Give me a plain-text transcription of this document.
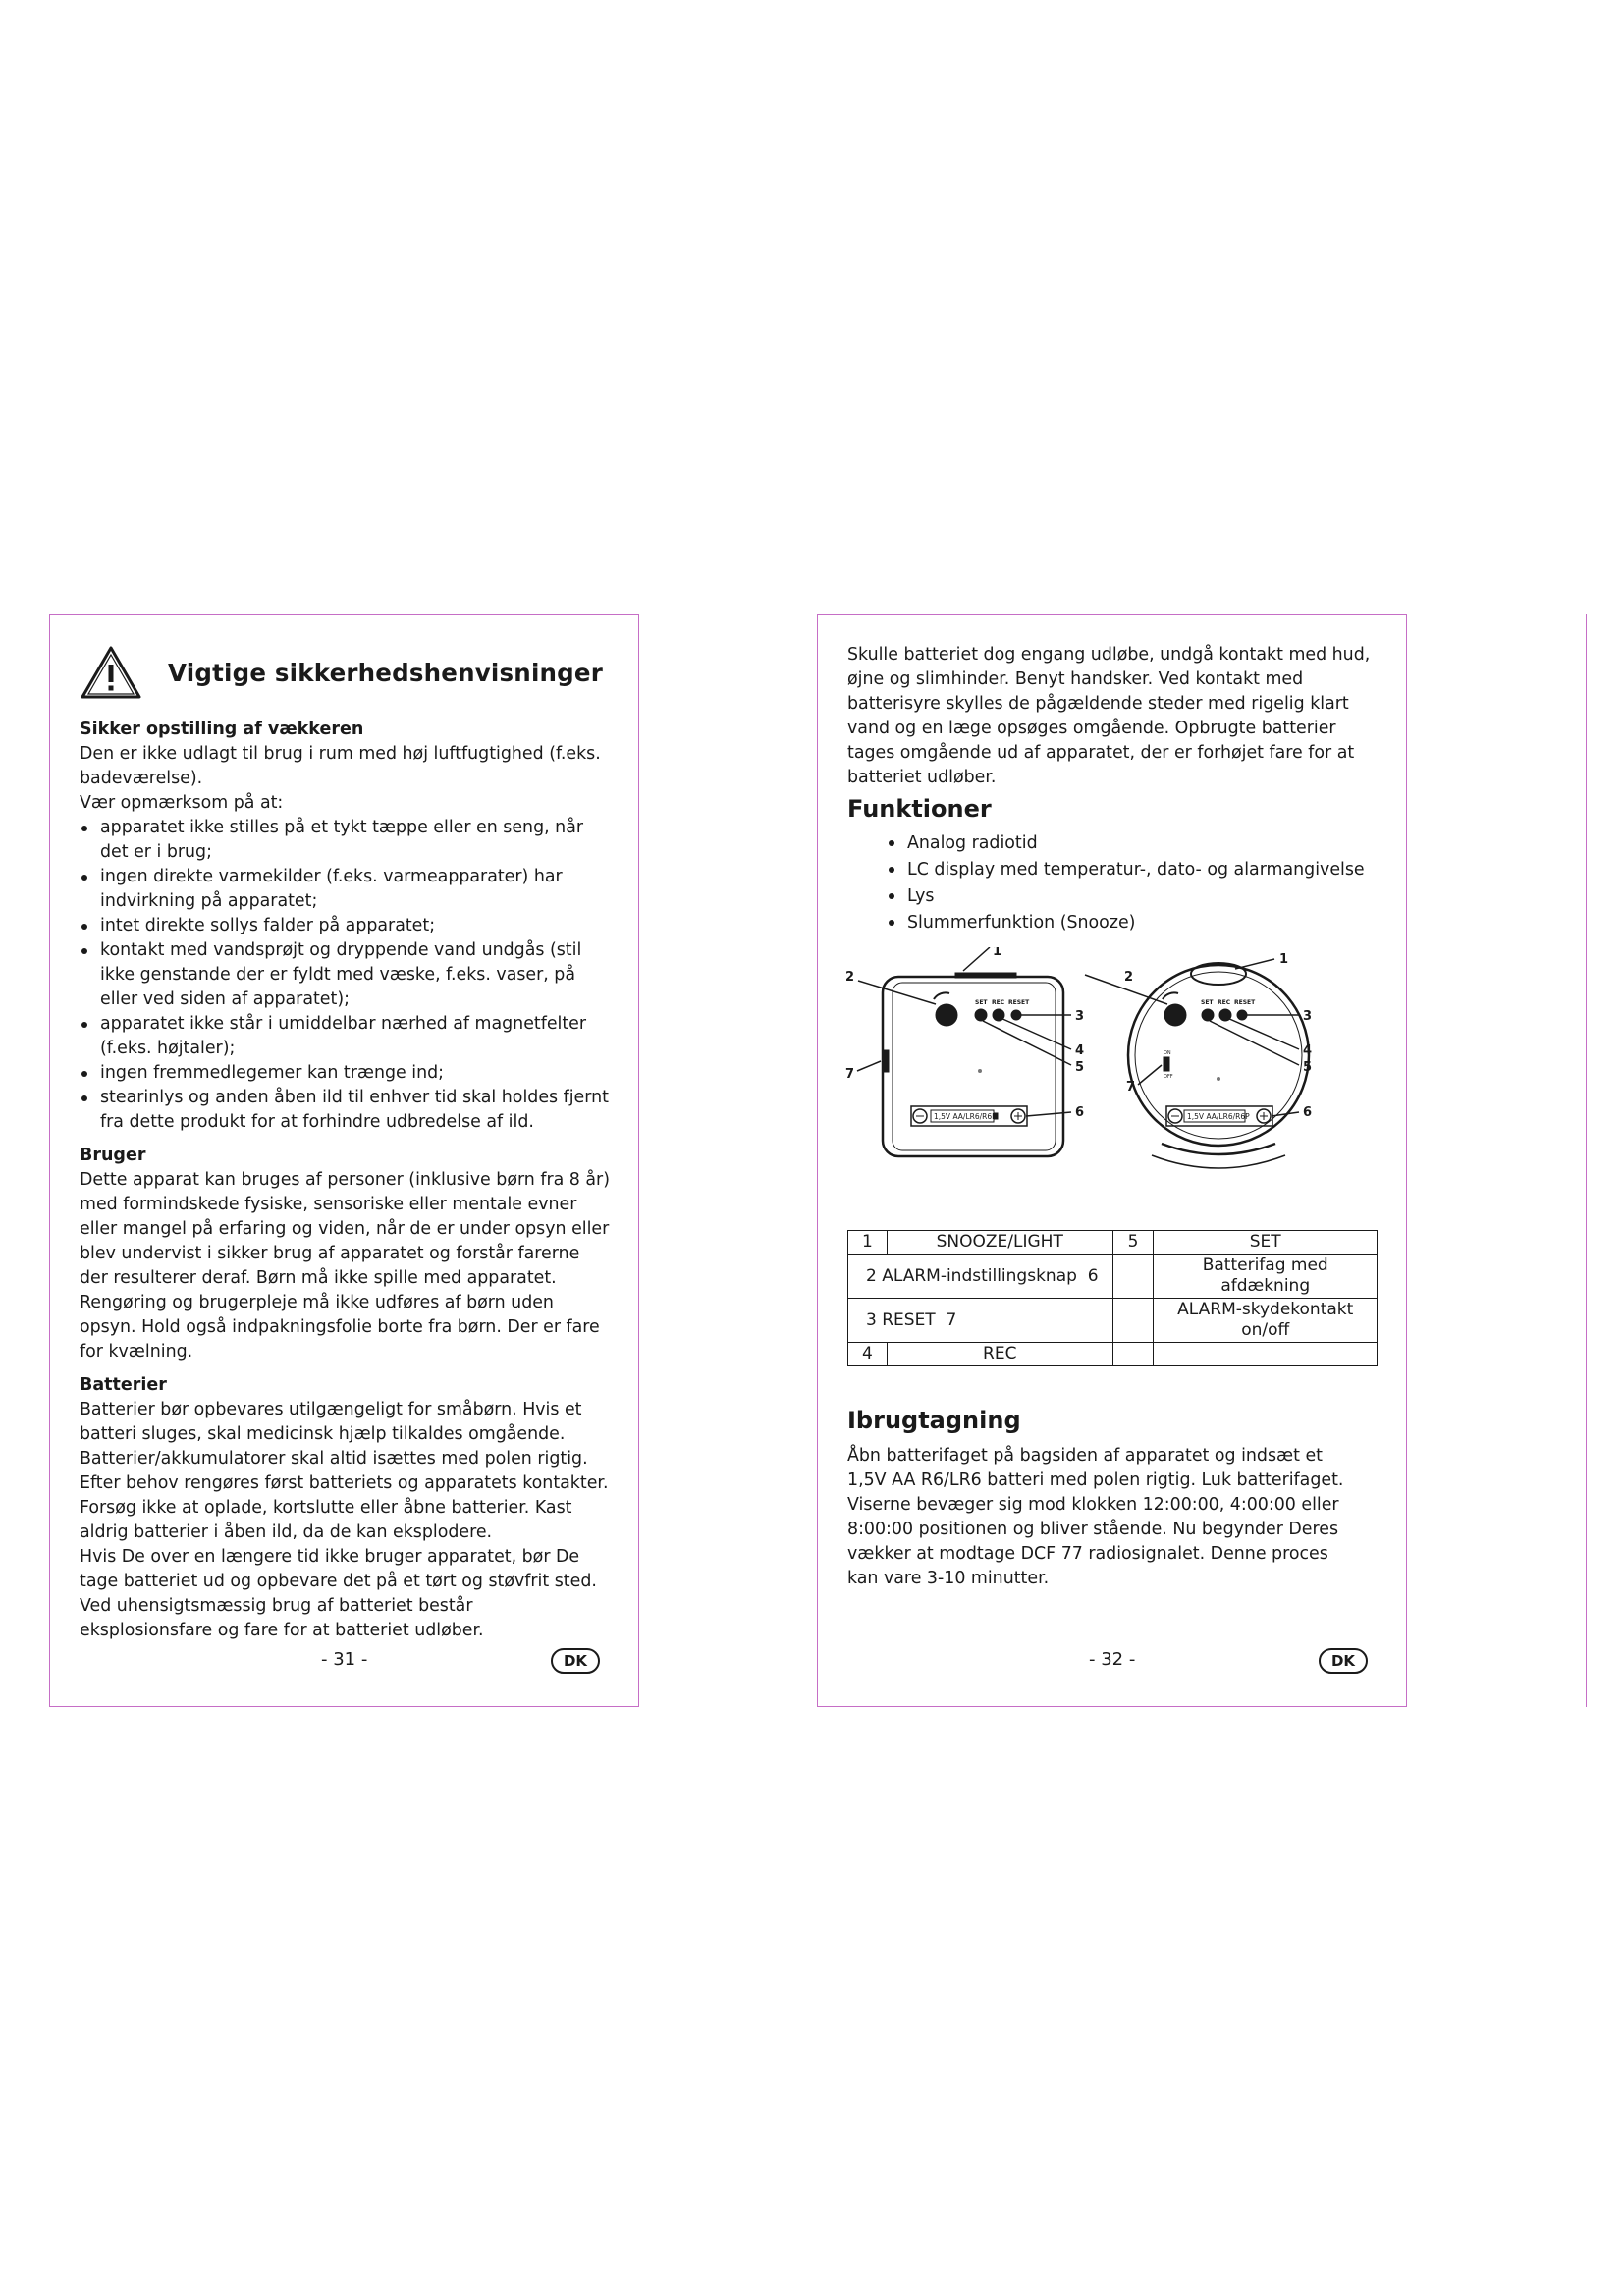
Vigtige sikkerhedshenvisninger
Sikker opstilling af vækkeren
Den er ikke udlagt til brug i rum med høj luftfugtighed (f.eks. badeværelse).
Vær opmærksom på at:
apparatet ikke stilles på et tykt tæppe eller en seng, når det er i brug;
ingen direkte varmekilder (f.eks. varmeapparater) har indvirkning på apparatet;
intet direkte sollys falder på apparatet;
kontakt med vandsprøjt og dryppende vand undgås (stil ikke genstande der er fyldt med væske, f.eks. vaser, på eller ved siden af apparatet);
apparatet ikke står i umiddelbar nærhed af magnetfelter (f.eks. højtaler);
ingen fremmedlegemer kan trænge ind;
stearinlys og anden åben ild til enhver tid skal holdes fjernt fra dette produkt for at forhindre udbredelse af ild.
Bruger
Dette apparat kan bruges af personer (inklusive børn fra 8 år) med formindskede fysiske, sensoriske eller mentale evner eller mangel på erfaring og viden, når de er under opsyn eller blev undervist i sikker brug af apparatet og forstår farerne der resulterer deraf. Børn må ikke spille med apparatet. Rengøring og brugerpleje må ikke udføres af børn uden opsyn. Hold også indpakningsfolie borte fra børn. Der er fare for kvælning.
Batterier
Batterier bør opbevares utilgængeligt for småbørn. Hvis et batteri sluges, skal medicinsk hjælp tilkaldes omgående. Batterier/akkumulatorer skal altid isættes med polen rigtig. Efter behov rengøres først batteriets og apparatets kontakter. Forsøg ikke at oplade, kortslutte eller åbne batterier. Kast aldrig batterier i åben ild, da de kan eksplodere.
Hvis De over en længere tid ikke bruger apparatet, bør De tage batteriet ud og opbevare det på et tørt og støvfrit sted. Ved uhensigtsmæssig brug af batteriet består eksplosionsfare og fare for at batteriet udløber.
- 31 -	DK
Skulle batteriet dog engang udløbe, undgå kontakt med hud, øjne og slimhinder. Benyt handsker. Ved kontakt med batterisyre skylles de pågældende steder med rigelig klart vand og en læge opsøges omgående. Opbrugte batterier tages omgående ud af apparatet, der er forhøjet fare for at batteriet udløber.
Funktioner
Analog radiotid
LC display med temperatur-, dato- og alarmangivelse
Lys
Slummerfunktion (Snooze)
SET REC RESET	SET REC RESET
ON
OFF
1,5V AA/LR6/R6P	1,5V AA/LR6/R6P
1
2
3
4
5
7
6
1
2
3
4
5
7
6
1	SNOOZE/LIGHT	5	SET
2 ALARM-indstillingsknap 6			Batterifag med afdækning
3 RESET 7			ALARM-skydekontakt on/off
4	REC		
Ibrugtagning
Åbn batterifaget på bagsiden af apparatet og indsæt et 1,5V AA R6/LR6 batteri med polen rigtig. Luk batterifaget. Viserne bevæger sig mod klokken 12:00:00, 4:00:00 eller 8:00:00 positionen og bliver stående. Nu begynder Deres vækker at modtage DCF 77 radiosignalet. Denne proces kan vare 3-10 minutter.
- 32 -	DK
